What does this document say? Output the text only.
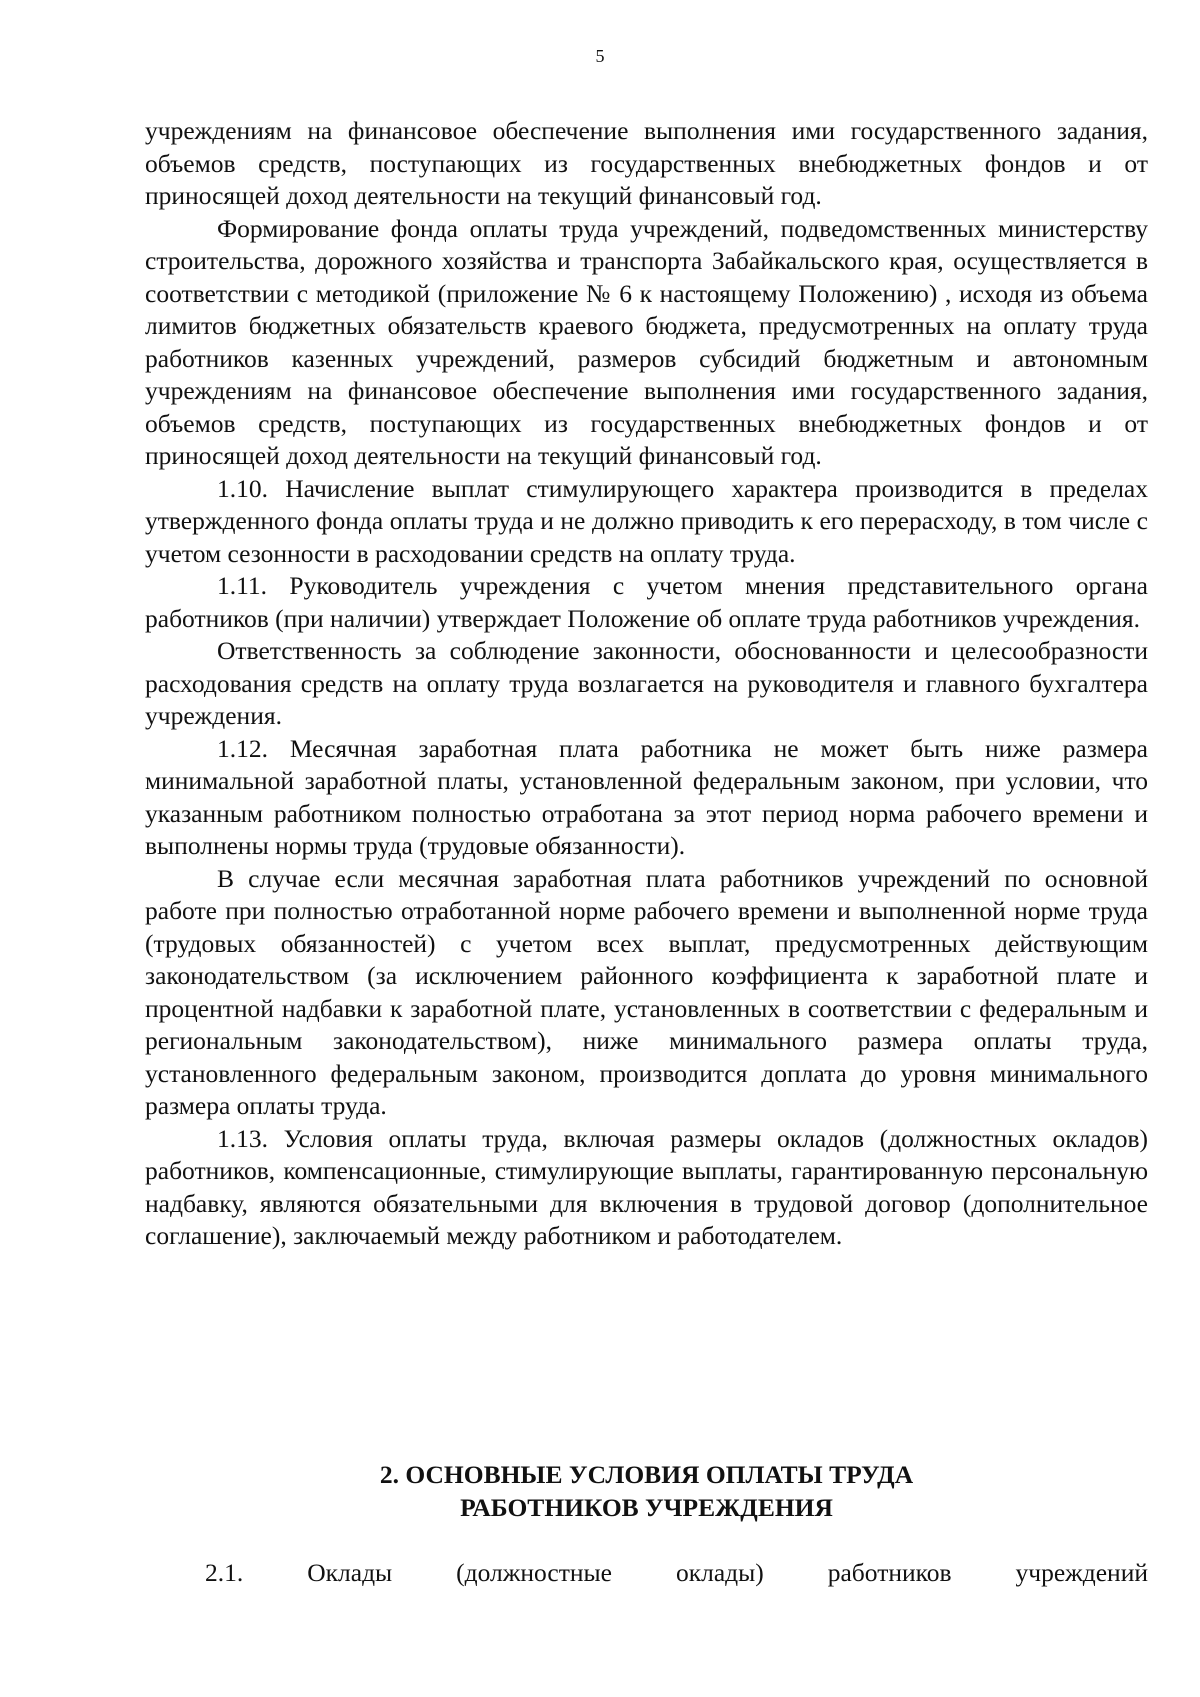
5

учреждениям на финансовое обеспечение выполнения ими государственного задания, объемов средств, поступающих из государственных внебюджетных фондов и от приносящей доход деятельности на текущий финансовый год.

Формирование фонда оплаты труда учреждений, подведомственных министерству строительства, дорожного хозяйства и транспорта Забайкальского края, осуществляется в соответствии с методикой (приложение № 6 к настоящему Положению) , исходя из объема лимитов бюджетных обязательств краевого бюджета, предусмотренных на оплату труда работников казенных учреждений, размеров субсидий бюджетным и автономным учреждениям на финансовое обеспечение выполнения ими государственного задания, объемов средств, поступающих из государственных внебюджетных фондов и от приносящей доход деятельности на текущий финансовый год.

1.10. Начисление выплат стимулирующего характера производится в пределах утвержденного фонда оплаты труда и не должно приводить к его перерасходу, в том числе с учетом сезонности в расходовании средств на оплату труда.

1.11. Руководитель учреждения с учетом мнения представительного органа работников (при наличии) утверждает Положение об оплате труда работников учреждения.

Ответственность за соблюдение законности, обоснованности и целесообразности расходования средств на оплату труда возлагается на руководителя и главного бухгалтера учреждения.

1.12. Месячная заработная плата работника не может быть ниже размера минимальной заработной платы, установленной федеральным законом, при условии, что указанным работником полностью отработана за этот период норма рабочего времени и выполнены нормы труда (трудовые обязанности).

В случае если месячная заработная плата работников учреждений по основной работе при полностью отработанной норме рабочего времени и выполненной норме труда (трудовых обязанностей) с учетом всех выплат, предусмотренных действующим законодательством (за исключением районного коэффициента к заработной плате и процентной надбавки к заработной плате, установленных в соответствии с федеральным и региональным законодательством), ниже минимального размера оплаты труда, установленного федеральным законом, производится доплата до уровня минимального размера оплаты труда.

1.13. Условия оплаты труда, включая размеры окладов (должностных окладов) работников, компенсационные, стимулирующие выплаты, гарантированную персональную надбавку, являются обязательными для включения в трудовой договор (дополнительное соглашение), заключаемый между работником и работодателем.

2. ОСНОВНЫЕ УСЛОВИЯ ОПЛАТЫ ТРУДА
РАБОТНИКОВ УЧРЕЖДЕНИЯ
2.1. Оклады (должностные оклады) работников учреждений
